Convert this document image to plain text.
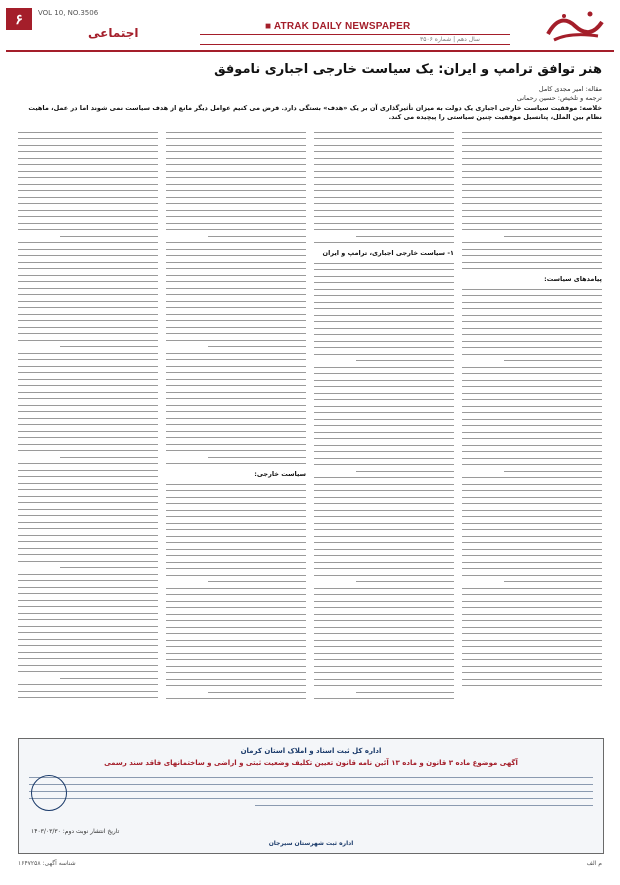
۶	VOL 10, NO.3506
اجتماعی	■ ATRAK DAILY NEWSPAPER
سال دهم | شماره ۳۵۰۶
هنر توافق ترامپ و ایران: یک سیاست خارجی اجباری ناموفق
مقاله: امیر مجدی کامل
ترجمه و تلخیص: حسین رحمانی
خلاصه: موفقیت سیاست خارجی اجباری یک دولت به میزان تأثیرگذاری آن بر یک «هدف» بستگی دارد. فرض می کنیم عوامل دیگر مانع از هدف سیاست نمی شوند اما در عمل، ماهیت نظام بین الملل، پتانسیل موفقیت چنین سیاستی را پیچیده می کند.
پیامدهای سیاست:
۱- سیاست خارجی اجباری، ترامپ و ایران
سیاست خارجی:
اداره کل ثبت اسناد و املاک استان کرمان
آگهی موضوع ماده ۳ قانون و ماده ۱۳ آئین نامه قانون تعیین تکلیف وضعیت ثبتی و اراضی و ساختمانهای فاقد سند رسمی
تاریخ انتشار نوبت دوم: ۱۴۰۳/۰۳/۳۰
اداره ثبت شهرستان سیرجان
شناسه آگهی: ۱۶۴۷۲۵۸	م الف
